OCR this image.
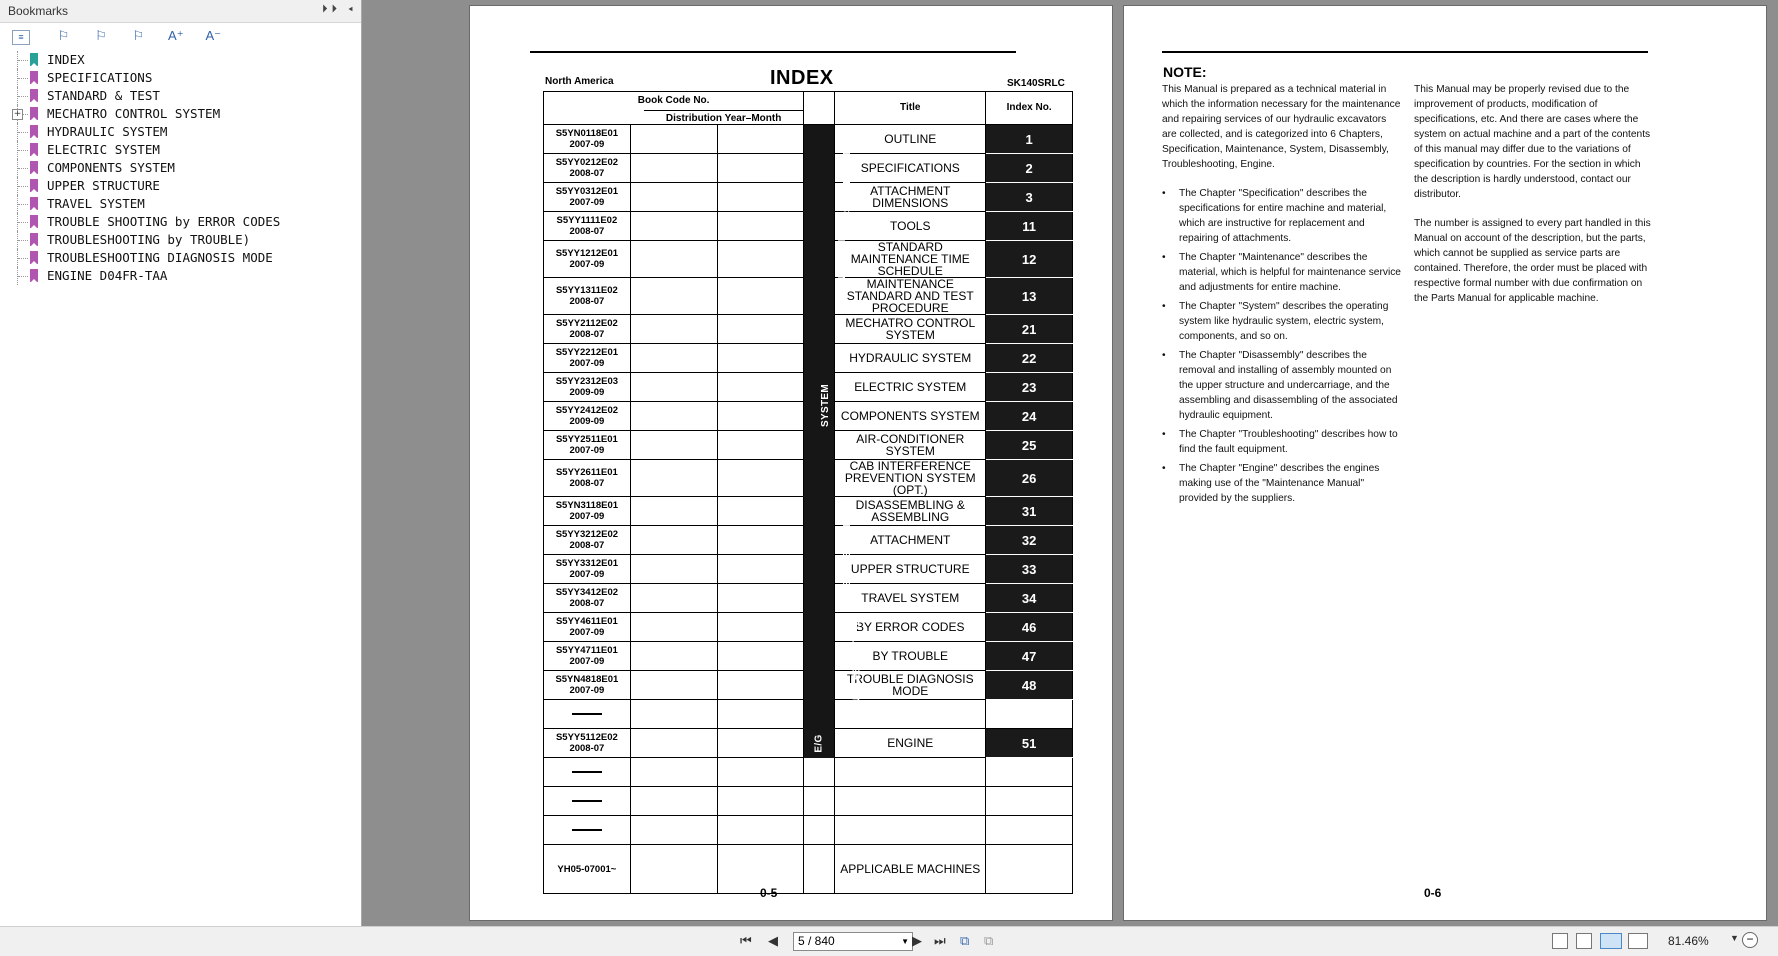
Bookmarks	⏵⏵ ◂
≡	⚐ ⚐ ⚐ A⁺ A⁻
INDEX
SPECIFICATIONS
STANDARD & TEST
+ MECHATRO CONTROL SYSTEM
HYDRAULIC SYSTEM
ELECTRIC SYSTEM
COMPONENTS SYSTEM
UPPER STRUCTURE
TRAVEL SYSTEM
TROUBLE SHOOTING by ERROR CODES
TROUBLESHOOTING by TROUBLE)
TROUBLESHOOTING DIAGNOSIS MODE
ENGINE D04FR-TAA
North America	INDEX	SK140SRLC
Book Code No.
Distribution Year–Month				Title	Index No.
S5YN0118E01
2007-09			SPECIFICATIONS	OUTLINE	1
S5YY0212E02
2008-07				SPECIFICATIONS	2
S5YY0312E01
2007-09				ATTACHMENT DIMENSIONS	3
S5YY1111E02
2008-07			MAINTENANCE	TOOLS	11
S5YY1212E01
2007-09				STANDARD MAINTENANCE TIME SCHEDULE	12
S5YY1311E02
2008-07				MAINTENANCE STANDARD AND TEST PROCEDURE	13
S5YY2112E02
2008-07			SYSTEM	MECHATRO CONTROL SYSTEM	21
S5YY2212E01
2007-09				HYDRAULIC SYSTEM	22
S5YY2312E03
2009-09				ELECTRIC SYSTEM	23
S5YY2412E02
2009-09				COMPONENTS SYSTEM	24
S5YY2511E01
2007-09				AIR-CONDITIONER SYSTEM	25
S5YY2611E01
2008-07				CAB INTERFERENCE PREVENTION SYSTEM (OPT.)	26
S5YN3118E01
2007-09			DISASSEMBLING	DISASSEMBLING & ASSEMBLING	31
S5YY3212E02
2008-07				ATTACHMENT	32
S5YY3312E01
2007-09				UPPER STRUCTURE	33
S5YY3412E02
2008-07				TRAVEL SYSTEM	34
S5YY4611E01
2007-09			TROUBLESHOOTING	BY ERROR CODES	46
S5YY4711E01
2007-09				BY TROUBLE	47
S5YN4818E01
2007-09				TROUBLE DIAGNOSIS MODE	48

S5YY5112E02
2008-07			E/G	ENGINE	51

YH05-07001~				APPLICABLE MACHINES	
0-5
NOTE:

This Manual is prepared as a technical material in which the information necessary for the maintenance and repairing services of our hydraulic excavators are collected, and is categorized into 6 Chapters, Specification, Maintenance, System, Disassembly, Troubleshooting, Engine.

• The Chapter "Specification" describes the specifications for entire machine and material, which are instructive for replacement and repairing of attachments.
• The Chapter "Maintenance" describes the material, which is helpful for maintenance service and adjustments for entire machine.
• The Chapter "System" describes the operating system like hydraulic system, electric system, components, and so on.
• The Chapter "Disassembly" describes the removal and installing of assembly mounted on the upper structure and undercarriage, and the assembling and disassembling of the associated hydraulic equipment.
• The Chapter "Troubleshooting" describes how to find the fault equipment.
• The Chapter "Engine" describes the engines making use of the "Maintenance Manual" provided by the suppliers.

This Manual may be properly revised due to the improvement of products, modification of specifications, etc. And there are cases where the system on actual machine and a part of the contents of this manual may differ due to the variations of specification by countries. For the section in which the description is hardly understood, contact our distributor.

The number is assigned to every part handled in this Manual on account of the description, but the parts, which cannot be supplied as service parts are contained. Therefore, the order must be placed with respective formal number with due confirmation on the Parts Manual for applicable machine.

0-6
⏮ ◀	5 / 840	▼ ▶ ⏭ ⧉ ⧉	81.46% ▼ −
